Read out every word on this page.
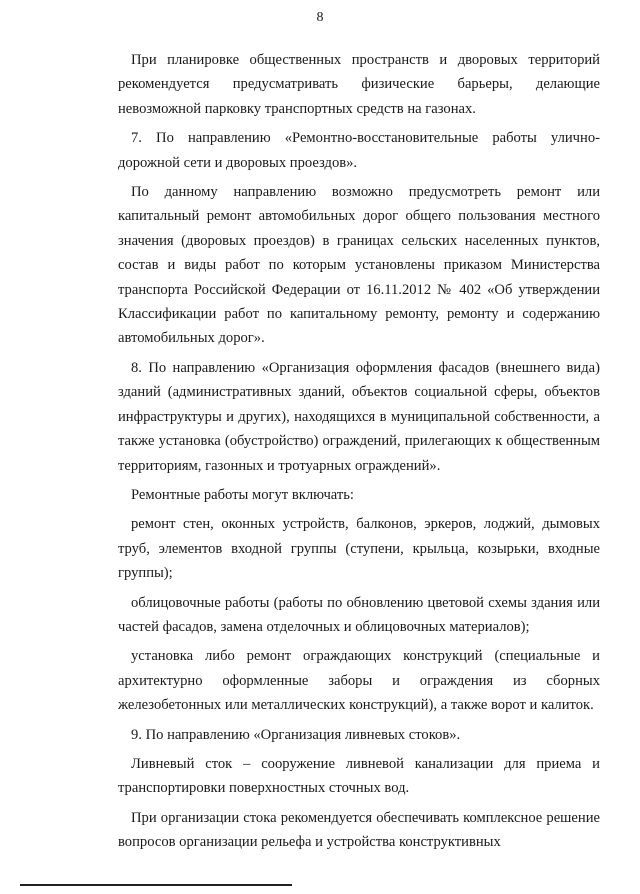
8

При планировке общественных пространств и дворовых территорий рекомендуется предусматривать физические барьеры, делающие невозможной парковку транспортных средств на газонах.

7. По направлению «Ремонтно-восстановительные работы улично-дорожной сети и дворовых проездов».

По данному направлению возможно предусмотреть ремонт или капитальный ремонт автомобильных дорог общего пользования местного значения (дворовых проездов) в границах сельских населенных пунктов, состав и виды работ по которым установлены приказом Министерства транспорта Российской Федерации от 16.11.2012 № 402 «Об утверждении Классификации работ по капитальному ремонту, ремонту и содержанию автомобильных дорог».

8. По направлению «Организация оформления фасадов (внешнего вида) зданий (административных зданий, объектов социальной сферы, объектов инфраструктуры и других), находящихся в муниципальной собственности, а также установка (обустройство) ограждений, прилегающих к общественным территориям, газонных и тротуарных ограждений».

Ремонтные работы могут включать:

ремонт стен, оконных устройств, балконов, эркеров, лоджий, дымовых труб, элементов входной группы (ступени, крыльца, козырьки, входные группы);

облицовочные работы (работы по обновлению цветовой схемы здания или частей фасадов, замена отделочных и облицовочных материалов);

установка либо ремонт ограждающих конструкций (специальные и архитектурно оформленные заборы и ограждения из сборных железобетонных или металлических конструкций), а также ворот и калиток.

9. По направлению «Организация ливневых стоков».

Ливневый сток – сооружение ливневой канализации для приема и транспортировки поверхностных сточных вод.

При организации стока рекомендуется обеспечивать комплексное решение вопросов организации рельефа и устройства конструктивных
